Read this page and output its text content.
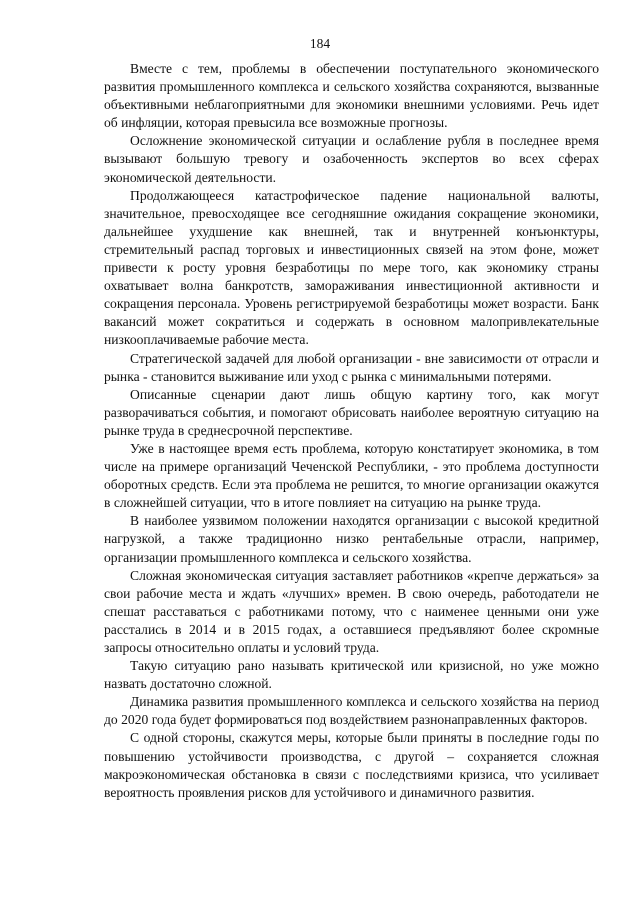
184

Вместе с тем, проблемы в обеспечении поступательного экономического развития промышленного комплекса и сельского хозяйства сохраняются, вызванные объективными неблагоприятными для экономики внешними условиями. Речь идет об инфляции, которая превысила все возможные прогнозы.

Осложнение экономической ситуации и ослабление рубля в последнее время вызывают большую тревогу и озабоченность экспертов во всех сферах экономической деятельности.

Продолжающееся катастрофическое падение национальной валюты, значительное, превосходящее все сегодняшние ожидания сокращение экономики, дальнейшее ухудшение как внешней, так и внутренней конъюнктуры, стремительный распад торговых и инвестиционных связей на этом фоне, может привести к росту уровня безработицы по мере того, как экономику страны охватывает волна банкротств, замораживания инвестиционной активности и сокращения персонала. Уровень регистрируемой безработицы может возрасти. Банк вакансий может сократиться и содержать в основном малопривлекательные низкооплачиваемые рабочие места.

Стратегической задачей для любой организации - вне зависимости от отрасли и рынка - становится выживание или уход с рынка с минимальными потерями.

Описанные сценарии дают лишь общую картину того, как могут разворачиваться события, и помогают обрисовать наиболее вероятную ситуацию на рынке труда в среднесрочной перспективе.

Уже в настоящее время есть проблема, которую констатирует экономика, в том числе на примере организаций Чеченской Республики, - это проблема доступности оборотных средств. Если эта проблема не решится, то многие организации окажутся в сложнейшей ситуации, что в итоге повлияет на ситуацию на рынке труда.

В наиболее уязвимом положении находятся организации с высокой кредитной нагрузкой, а также традиционно низко рентабельные отрасли, например, организации промышленного комплекса и сельского хозяйства.

Сложная экономическая ситуация заставляет работников «крепче держаться» за свои рабочие места и ждать «лучших» времен. В свою очередь, работодатели не спешат расставаться с работниками потому, что с наименее ценными они уже расстались в 2014 и в 2015 годах, а оставшиеся предъявляют более скромные запросы относительно оплаты и условий труда.

Такую ситуацию рано называть критической или кризисной, но уже можно назвать достаточно сложной.

Динамика развития промышленного комплекса и сельского хозяйства на период до 2020 года будет формироваться под воздействием разнонаправленных факторов.

С одной стороны, скажутся меры, которые были приняты в последние годы по повышению устойчивости производства, с другой – сохраняется сложная макроэкономическая обстановка в связи с последствиями кризиса, что усиливает вероятность проявления рисков для устойчивого и динамичного развития.
